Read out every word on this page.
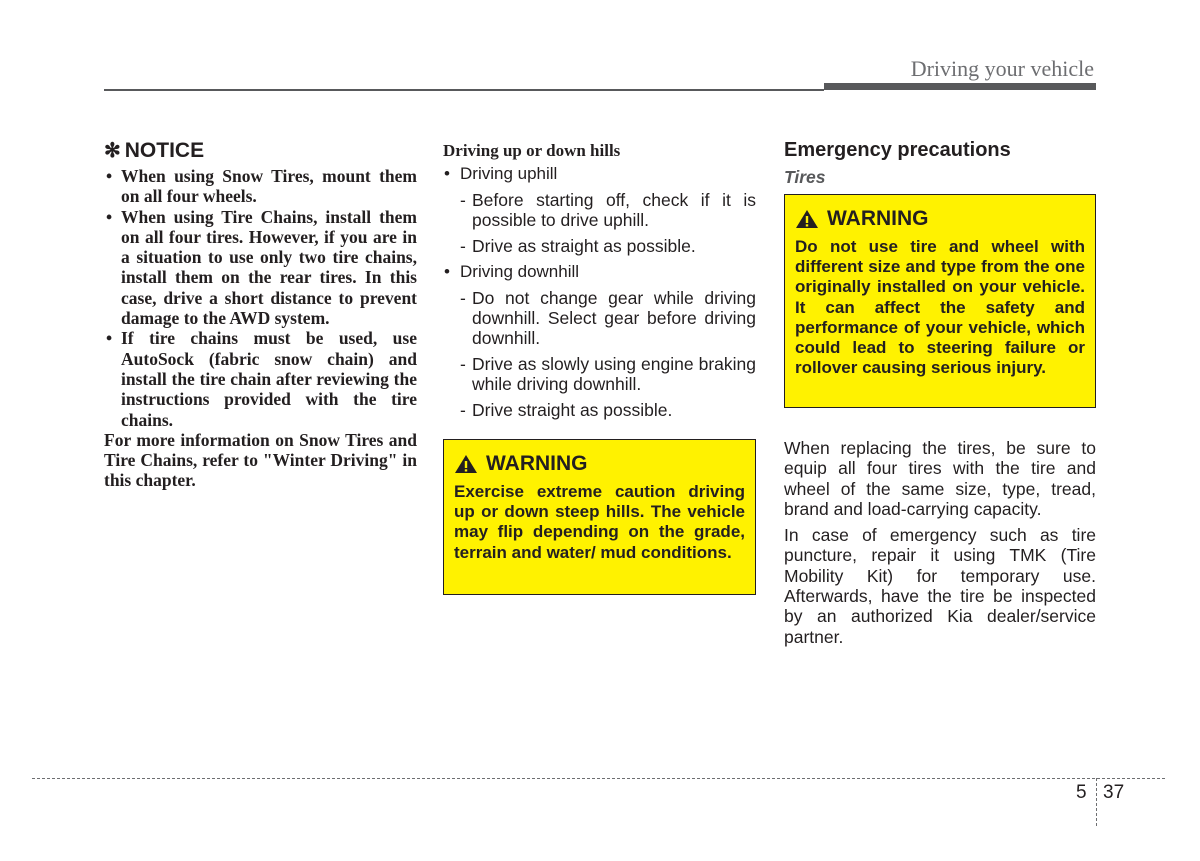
Driving your vehicle
✻ NOTICE
• When using Snow Tires, mount them on all four wheels.
• When using Tire Chains, install them on all four tires. However, if you are in a situation to use only two tire chains, install them on the rear tires. In this case, drive a short distance to prevent damage to the AWD system.
• If tire chains must be used, use AutoSock (fabric snow chain) and install the tire chain after reviewing the instructions provided with the tire chains.

For more information on Snow Tires and Tire Chains, refer to "Winter Driving" in this chapter.

Driving up or down hills
• Driving uphill
- Before starting off, check if it is possible to drive uphill.
- Drive as straight as possible.
• Driving downhill
- Do not change gear while driving downhill. Select gear before driving downhill.
- Drive as slowly using engine braking while driving downhill.
- Drive straight as possible.
WARNING

Exercise extreme caution driving up or down steep hills. The vehicle may flip depending on the grade, terrain and water/ mud conditions.

Emergency precautions
Tires
WARNING

Do not use tire and wheel with different size and type from the one originally installed on your vehicle. It can affect the safety and performance of your vehicle, which could lead to steering failure or rollover causing serious injury.

When replacing the tires, be sure to equip all four tires with the tire and wheel of the same size, type, tread, brand and load-carrying capacity.

In case of emergency such as tire puncture, repair it using TMK (Tire Mobility Kit) for temporary use. Afterwards, have the tire be inspected by an authorized Kia dealer/service partner.

5 37
